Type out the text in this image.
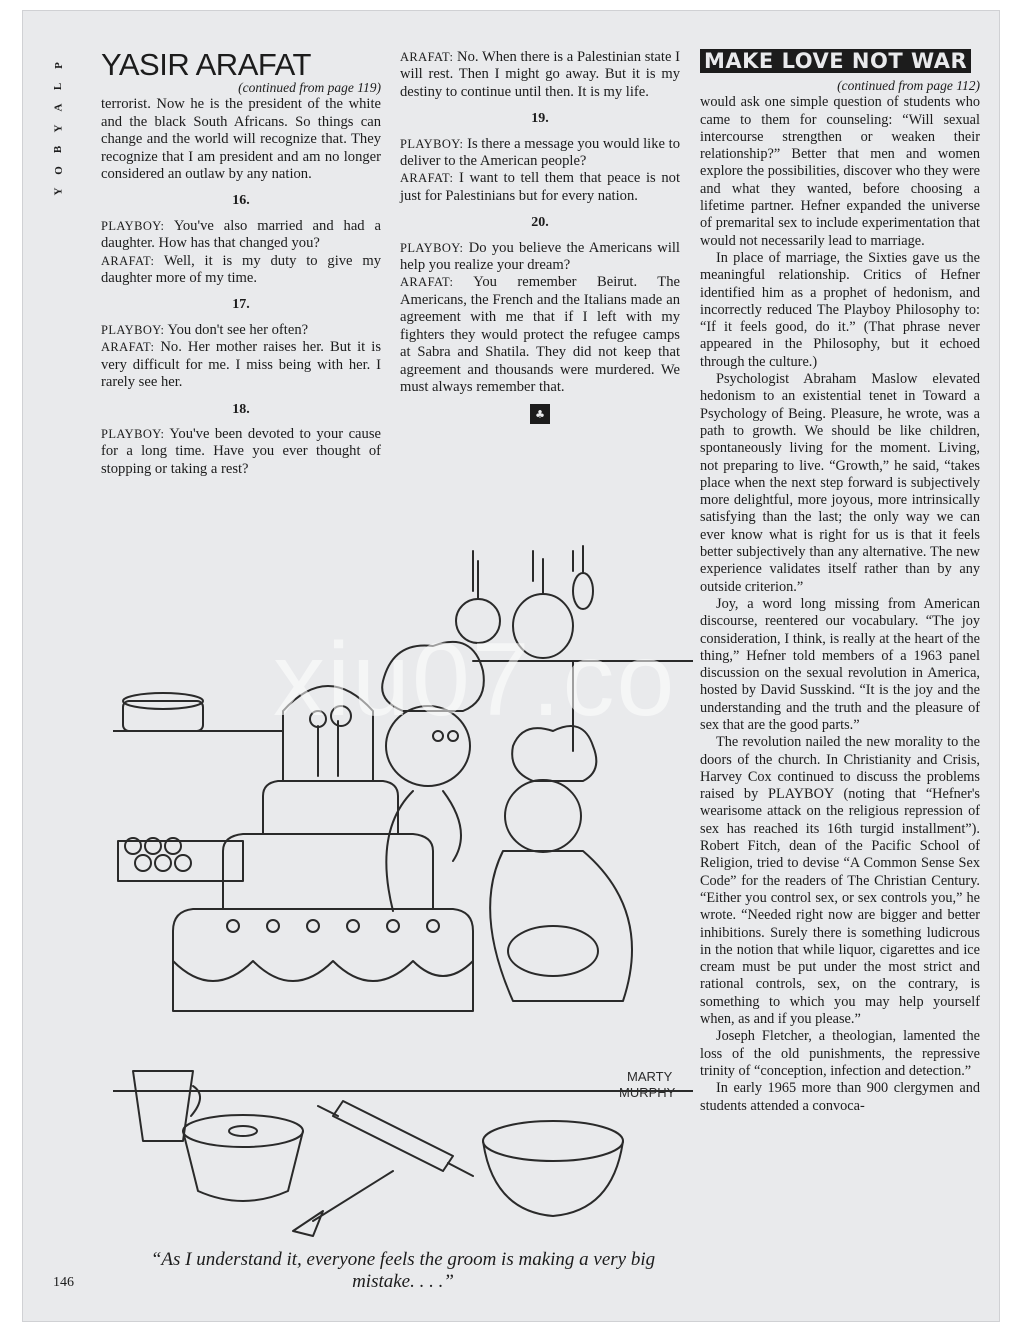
P
L
A
Y
B
O
Y

YASIR ARAFAT

(continued from page 119)

terrorist. Now he is the president of the white and the black South Africans. So things can change and the world will recognize that. They recognize that I am president and am no longer considered an outlaw by any nation.

16.

PLAYBOY: You've also married and had a daughter. How has that changed you?

ARAFAT: Well, it is my duty to give my daughter more of my time.

17.

PLAYBOY: You don't see her often?

ARAFAT: No. Her mother raises her. But it is very difficult for me. I miss being with her. I rarely see her.

18.

PLAYBOY: You've been devoted to your cause for a long time. Have you ever thought of stopping or taking a rest?

ARAFAT: No. When there is a Palestinian state I will rest. Then I might go away. But it is my destiny to continue until then. It is my life.

19.

PLAYBOY: Is there a message you would like to deliver to the American people?

ARAFAT: I want to tell them that peace is not just for Palestinians but for every nation.

20.

PLAYBOY: Do you believe the Americans will help you realize your dream?

ARAFAT: You remember Beirut. The Americans, the French and the Italians made an agreement with me that if I left with my fighters they would protect the refugee camps at Sabra and Shatila. They did not keep that agreement and thousands were murdered. We must always remember that.

♣

MAKE LOVE NOT WAR

(continued from page 112)

would ask one simple question of students who came to them for counseling: “Will sexual intercourse strengthen or weaken their relationship?” Better that men and women explore the possibilities, discover who they were and what they wanted, before choosing a lifetime partner. Hefner expanded the universe of premarital sex to include experimentation that would not necessarily lead to marriage.

In place of marriage, the Sixties gave us the meaningful relationship. Critics of Hefner identified him as a prophet of hedonism, and incorrectly reduced The Playboy Philosophy to: “If it feels good, do it.” (That phrase never appeared in the Philosophy, but it echoed through the culture.)

Psychologist Abraham Maslow elevated hedonism to an existential tenet in Toward a Psychology of Being. Pleasure, he wrote, was a path to growth. We should be like children, spontaneously living for the moment. Living, not preparing to live. “Growth,” he said, “takes place when the next step forward is subjectively more delightful, more joyous, more intrinsically satisfying than the last; the only way we can ever know what is right for us is that it feels better subjectively than any alternative. The new experience validates itself rather than by any outside criterion.”

Joy, a word long missing from American discourse, reentered our vocabulary. “The joy consideration, I think, is really at the heart of the thing,” Hefner told members of a 1963 panel discussion on the sexual revolution in America, hosted by David Susskind. “It is the joy and the understanding and the truth and the pleasure of sex that are the good parts.”

The revolution nailed the new morality to the doors of the church. In Christianity and Crisis, Harvey Cox continued to discuss the problems raised by PLAYBOY (noting that “Hefner's wearisome attack on the religious repression of sex has reached its 16th turgid installment”). Robert Fitch, dean of the Pacific School of Religion, tried to devise “A Common Sense Sex Code” for the readers of The Christian Century. “Either you control sex, or sex controls you,” he wrote. “Needed right now are bigger and better inhibitions. Surely there is something ludicrous in the notion that while liquor, cigarettes and ice cream must be put under the most strict and rational controls, sex, on the contrary, is something to which you may help yourself when, as and if you please.”

Joseph Fletcher, a theologian, lamented the loss of the old punishments, the repressive trinity of “conception, infection and detection.”

In early 1965 more than 900 clergymen and students attended a convoca-

MARTY
MURPHY
xiu07.co
“As I understand it, everyone feels the groom is making a very big mistake. . . .”
146
